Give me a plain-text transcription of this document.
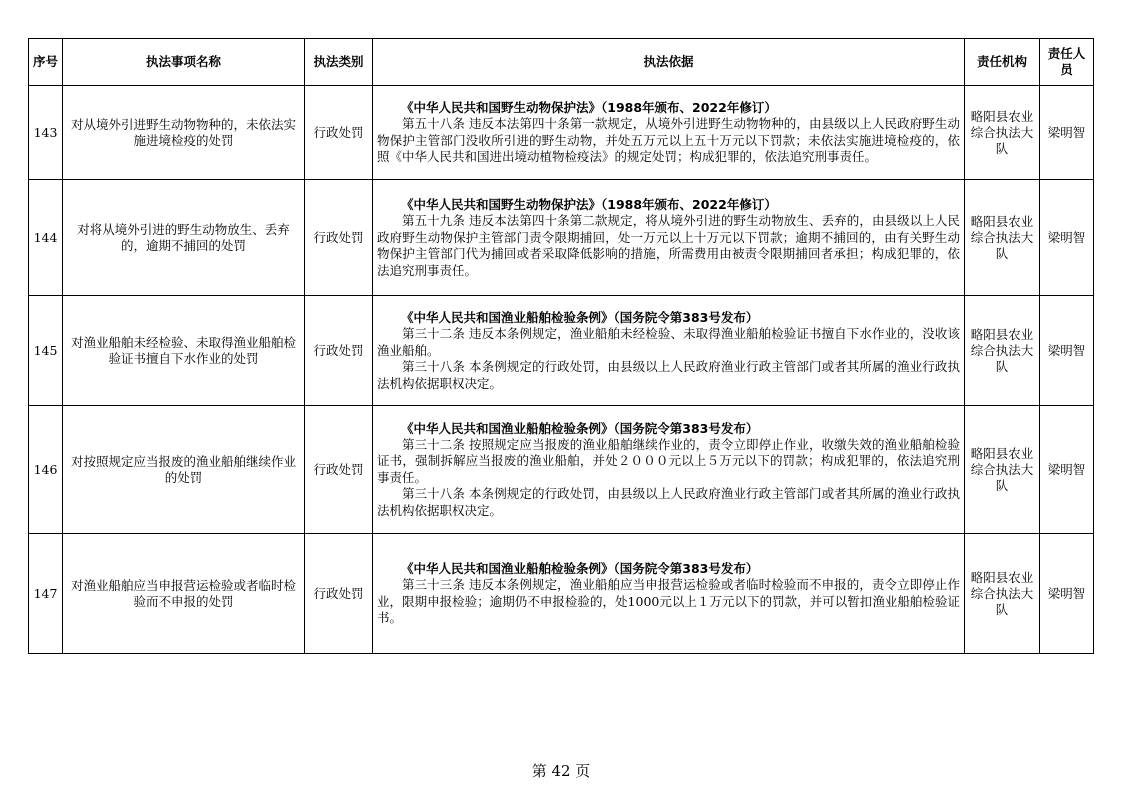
序号	执法事项名称	执法类别	执法依据	责任机构	责任人员
143	对从境外引进野生动物物种的，未依法实施进境检疫的处罚	行政处罚	《中华人民共和国野生动物保护法》（1988年颁布、2022年修订）
第五十八条 违反本法第四十条第一款规定，从境外引进野生动物物种的，由县级以上人民政府野生动物保护主管部门没收所引进的野生动物，并处五万元以上五十万元以下罚款；未依法实施进境检疫的，依照《中华人民共和国进出境动植物检疫法》的规定处罚；构成犯罪的，依法追究刑事责任。	略阳县农业综合执法大队	梁明智
144	对将从境外引进的野生动物放生、丢弃的，逾期不捕回的处罚	行政处罚	《中华人民共和国野生动物保护法》（1988年颁布、2022年修订）
第五十九条 违反本法第四十条第二款规定，将从境外引进的野生动物放生、丢弃的，由县级以上人民政府野生动物保护主管部门责令限期捕回，处一万元以上十万元以下罚款；逾期不捕回的，由有关野生动物保护主管部门代为捕回或者采取降低影响的措施，所需费用由被责令限期捕回者承担；构成犯罪的，依法追究刑事责任。	略阳县农业综合执法大队	梁明智
145	对渔业船舶未经检验、未取得渔业船舶检验证书擅自下水作业的处罚	行政处罚	《中华人民共和国渔业船舶检验条例》（国务院令第383号发布）
第三十二条 违反本条例规定，渔业船舶未经检验、未取得渔业船舶检验证书擅自下水作业的，没收该渔业船舶。
第三十八条 本条例规定的行政处罚，由县级以上人民政府渔业行政主管部门或者其所属的渔业行政执法机构依据职权决定。	略阳县农业综合执法大队	梁明智
146	对按照规定应当报废的渔业船舶继续作业的处罚	行政处罚	《中华人民共和国渔业船舶检验条例》（国务院令第383号发布）
第三十二条 按照规定应当报废的渔业船舶继续作业的，责令立即停止作业，收缴失效的渔业船舶检验证书，强制拆解应当报废的渔业船舶，并处２０００元以上５万元以下的罚款；构成犯罪的，依法追究刑事责任。
第三十八条 本条例规定的行政处罚，由县级以上人民政府渔业行政主管部门或者其所属的渔业行政执法机构依据职权决定。	略阳县农业综合执法大队	梁明智
147	对渔业船舶应当申报营运检验或者临时检验而不申报的处罚	行政处罚	《中华人民共和国渔业船舶检验条例》（国务院令第383号发布）
第三十三条 违反本条例规定，渔业船舶应当申报营运检验或者临时检验而不申报的，责令立即停止作业，限期申报检验；逾期仍不申报检验的，处1000元以上１万元以下的罚款，并可以暂扣渔业船舶检验证书。	略阳县农业综合执法大队	梁明智
第 42 页
